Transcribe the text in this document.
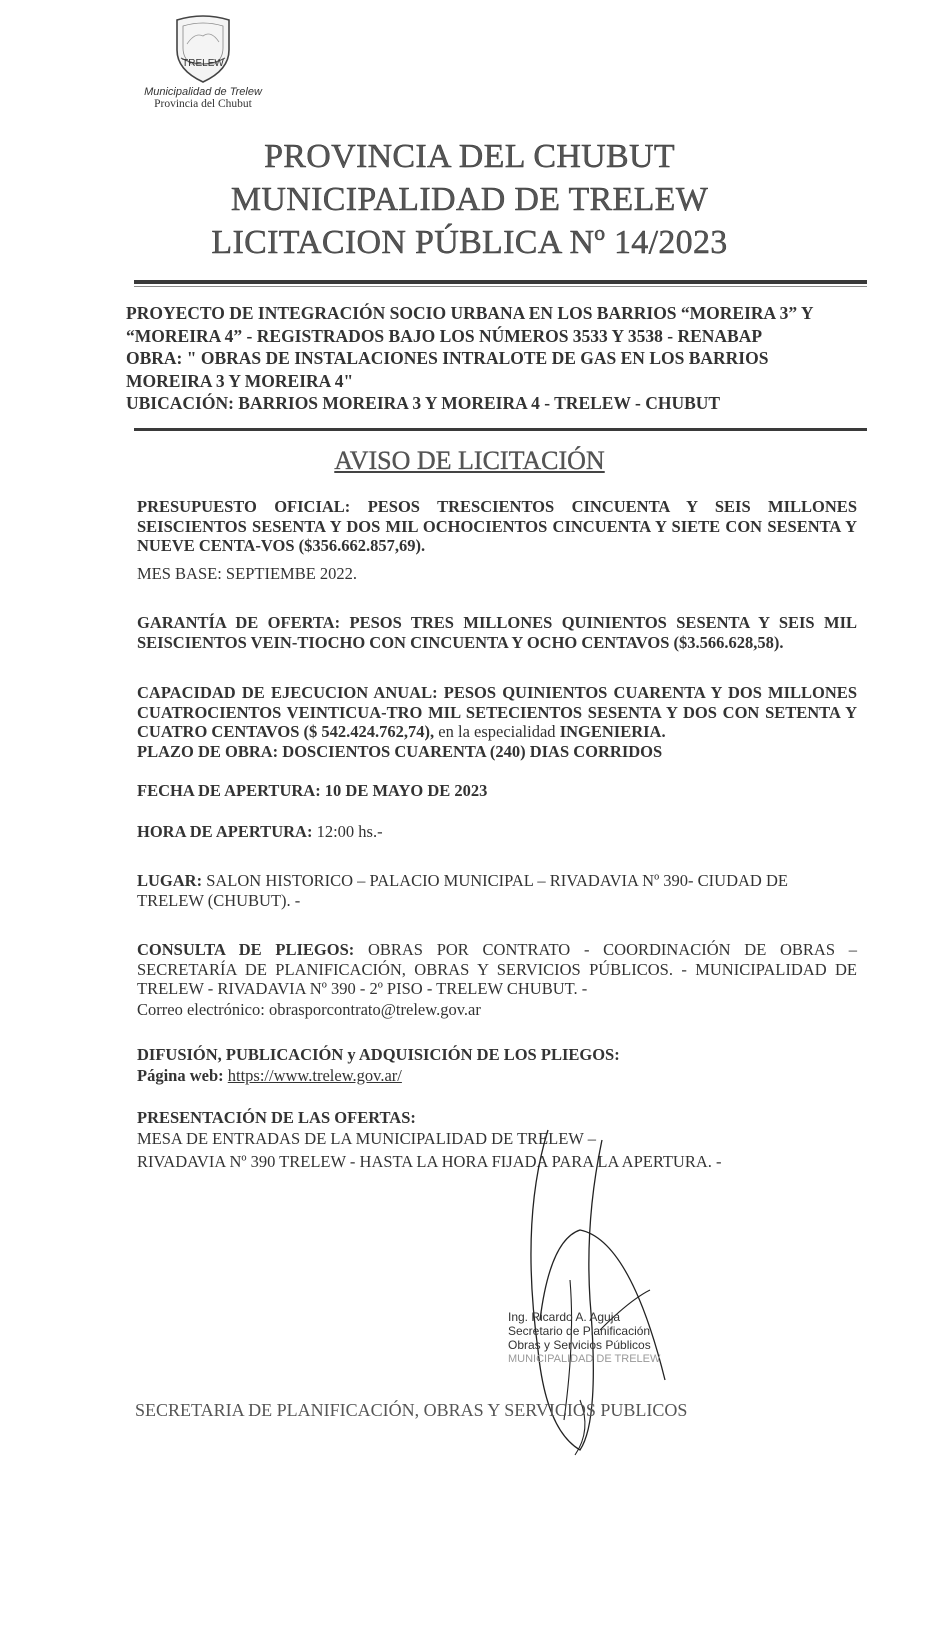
TRELEW
Municipalidad de Trelew
Provincia del Chubut
PROVINCIA DEL CHUBUT
MUNICIPALIDAD DE TRELEW
LICITACION PÚBLICA Nº 14/2023
PROYECTO DE INTEGRACIÓN SOCIO URBANA EN LOS BARRIOS “MOREIRA 3” Y
“MOREIRA 4” - REGISTRADOS BAJO LOS NÚMEROS 3533 Y 3538 - RENABAP
OBRA: " OBRAS DE INSTALACIONES INTRALOTE DE GAS EN LOS BARRIOS
MOREIRA 3 Y MOREIRA 4"
UBICACIÓN: BARRIOS MOREIRA 3 Y MOREIRA 4 - TRELEW - CHUBUT
AVISO DE LICITACIÓN
PRESUPUESTO OFICIAL: PESOS TRESCIENTOS CINCUENTA Y SEIS MILLONES SEISCIENTOS SESENTA Y DOS MIL OCHOCIENTOS CINCUENTA Y SIETE CON SESENTA Y NUEVE CENTA-VOS ($356.662.857,69).
MES BASE: SEPTIEMBE 2022.
GARANTÍA DE OFERTA: PESOS TRES MILLONES QUINIENTOS SESENTA Y SEIS MIL SEISCIENTOS VEIN-TIOCHO CON CINCUENTA Y OCHO CENTAVOS ($3.566.628,58).
CAPACIDAD DE EJECUCION ANUAL: PESOS QUINIENTOS CUARENTA Y DOS MILLONES CUATROCIENTOS VEINTICUA-TRO MIL SETECIENTOS SESENTA Y DOS CON SETENTA Y CUATRO CENTAVOS ($ 542.424.762,74), en la especialidad INGENIERIA.
PLAZO DE OBRA: DOSCIENTOS CUARENTA (240) DIAS CORRIDOS
FECHA DE APERTURA: 10 DE MAYO DE 2023
HORA DE APERTURA: 12:00 hs.-
LUGAR: SALON HISTORICO – PALACIO MUNICIPAL – RIVADAVIA Nº 390- CIUDAD DE TRELEW (CHUBUT). -
CONSULTA DE PLIEGOS: OBRAS POR CONTRATO - COORDINACIÓN DE OBRAS – SECRETARÍA DE PLANIFICACIÓN, OBRAS Y SERVICIOS PÚBLICOS. - MUNICIPALIDAD DE TRELEW - RIVADAVIA Nº 390 - 2º PISO - TRELEW CHUBUT. -
Correo electrónico: obrasporcontrato@trelew.gov.ar
DIFUSIÓN, PUBLICACIÓN y ADQUISICIÓN DE LOS PLIEGOS:
Página web: https://www.trelew.gov.ar/
PRESENTACIÓN DE LAS OFERTAS:
MESA DE ENTRADAS DE LA MUNICIPALIDAD DE TRELEW –
RIVADAVIA Nº 390 TRELEW - HASTA LA HORA FIJADA PARA LA APERTURA. -
Ing. Ricardo A. Aguja
Secretario de Planificación
Obras y Servicios Públicos
MUNICIPALIDAD DE TRELEW
SECRETARIA DE PLANIFICACIÓN, OBRAS Y SERVICIOS PUBLICOS
